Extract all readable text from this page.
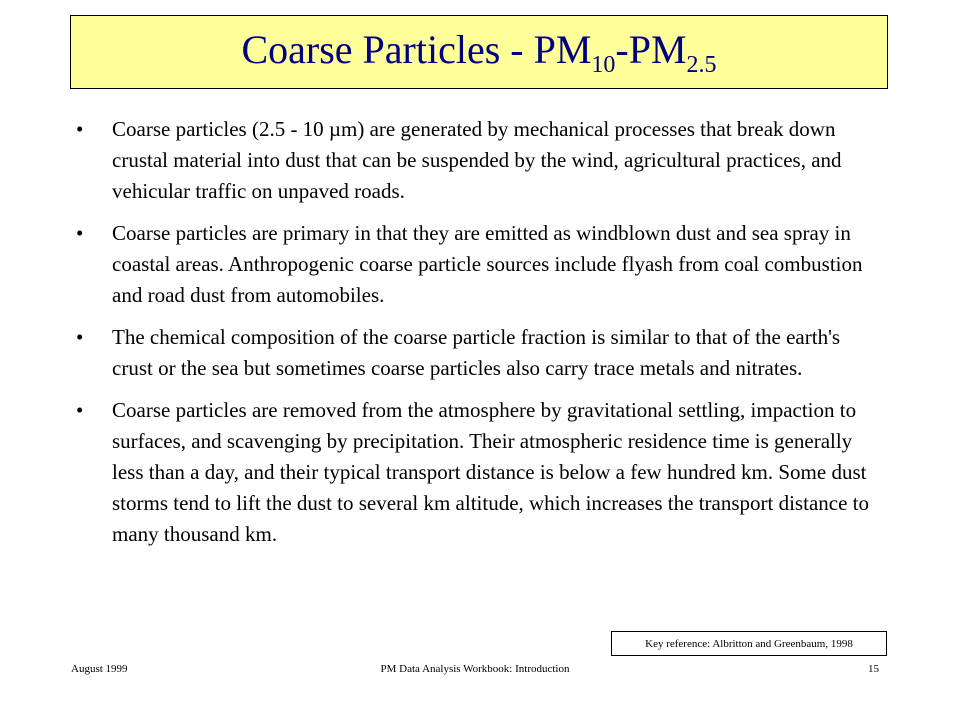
Coarse Particles - $PM_{10}-PM_{2.5}$
•	Coarse particles (2.5 - 10 µm) are generated by mechanical processes that break down crustal material into dust that can be suspended by the wind, agricultural practices, and vehicular traffic on unpaved roads.
•	Coarse particles are primary in that they are emitted as windblown dust and sea spray in coastal areas. Anthropogenic coarse particle sources include flyash from coal combustion and road dust from automobiles.
•	The chemical composition of the coarse particle fraction is similar to that of the earth's crust or the sea but sometimes coarse particles also carry trace metals and nitrates.
•	Coarse particles are removed from the atmosphere by gravitational settling, impaction to surfaces, and scavenging by precipitation. Their atmospheric residence time is generally less than a day, and their typical transport distance is below a few hundred km. Some dust storms tend to lift the dust to several km altitude, which increases the transport distance to many thousand km.
Key reference: Albritton and Greenbaum, 1998
August 1999	PM Data Analysis Workbook: Introduction	15
